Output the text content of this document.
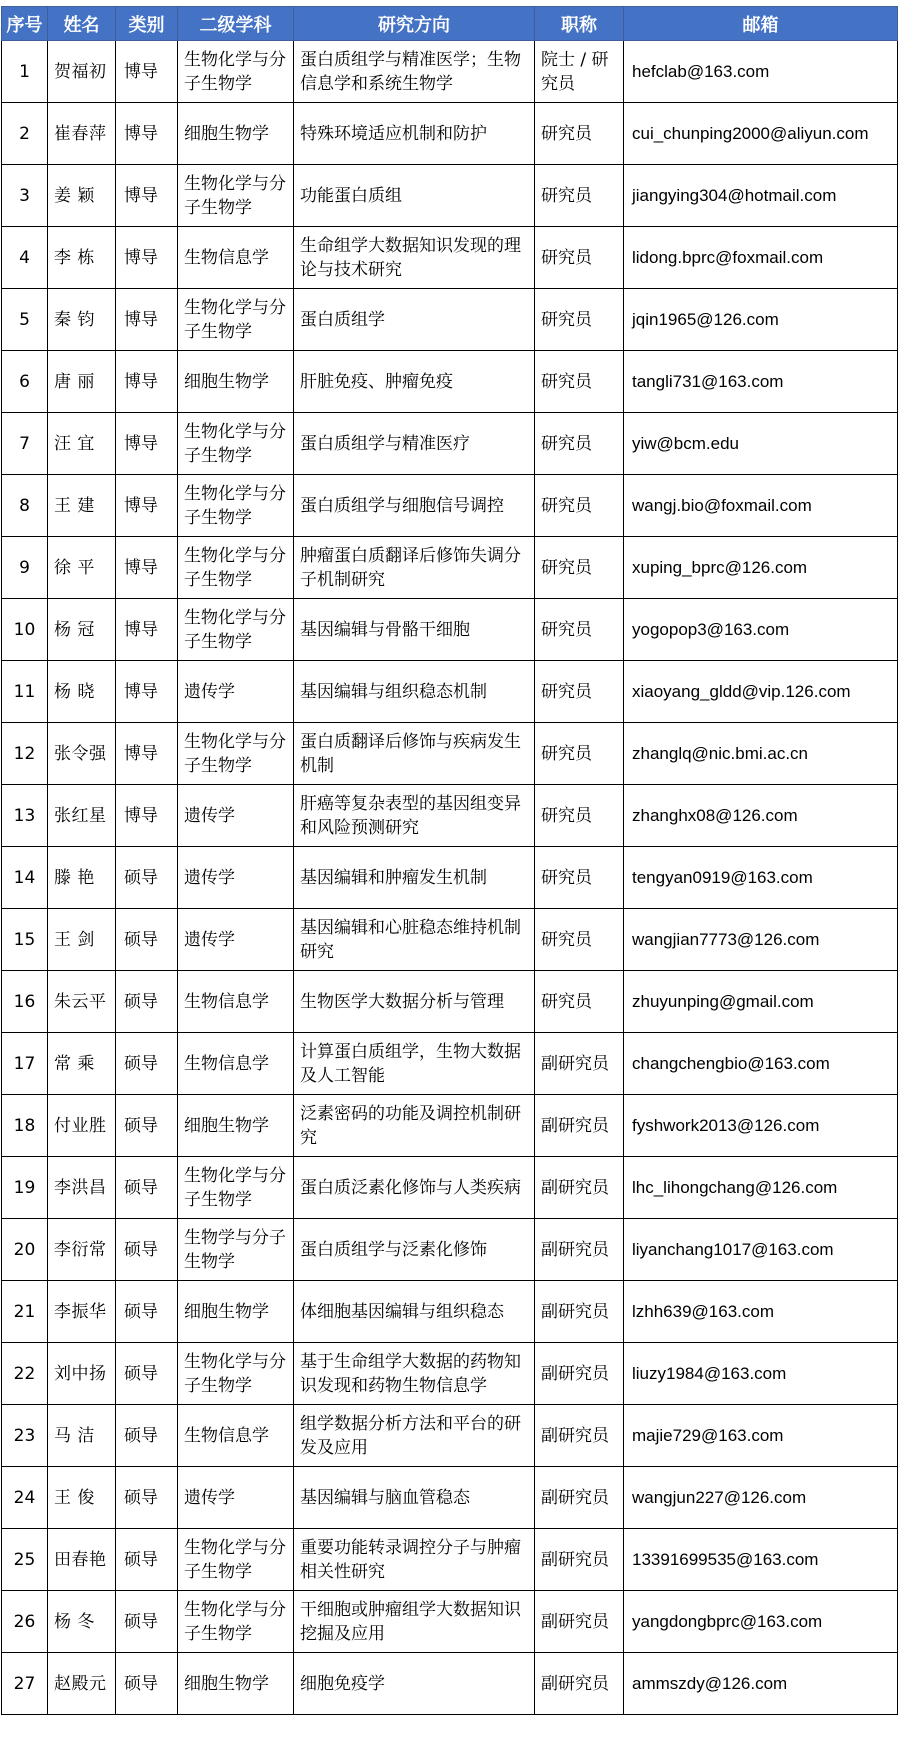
序号	姓名	类别	二级学科	研究方向	职称	邮箱
1	贺福初	博导	生物化学与分子生物学	蛋白质组学与精准医学；生物信息学和系统生物学	院士 / 研究员	hefclab@163.com
2	崔春萍	博导	细胞生物学	特殊环境适应机制和防护	研究员	cui_chunping2000@aliyun.com
3	姜 颖	博导	生物化学与分子生物学	功能蛋白质组	研究员	jiangying304@hotmail.com
4	李 栋	博导	生物信息学	生命组学大数据知识发现的理论与技术研究	研究员	lidong.bprc@foxmail.com
5	秦 钧	博导	生物化学与分子生物学	蛋白质组学	研究员	jqin1965@126.com
6	唐 丽	博导	细胞生物学	肝脏免疫、肿瘤免疫	研究员	tangli731@163.com
7	汪 宜	博导	生物化学与分子生物学	蛋白质组学与精准医疗	研究员	yiw@bcm.edu
8	王 建	博导	生物化学与分子生物学	蛋白质组学与细胞信号调控	研究员	wangj.bio@foxmail.com
9	徐 平	博导	生物化学与分子生物学	肿瘤蛋白质翻译后修饰失调分子机制研究	研究员	xuping_bprc@126.com
10	杨 冠	博导	生物化学与分子生物学	基因编辑与骨骼干细胞	研究员	yogopop3@163.com
11	杨 晓	博导	遗传学	基因编辑与组织稳态机制	研究员	xiaoyang_gldd@vip.126.com
12	张令强	博导	生物化学与分子生物学	蛋白质翻译后修饰与疾病发生机制	研究员	zhanglq@nic.bmi.ac.cn
13	张红星	博导	遗传学	肝癌等复杂表型的基因组变异和风险预测研究	研究员	zhanghx08@126.com
14	滕 艳	硕导	遗传学	基因编辑和肿瘤发生机制	研究员	tengyan0919@163.com
15	王 剑	硕导	遗传学	基因编辑和心脏稳态维持机制研究	研究员	wangjian7773@126.com
16	朱云平	硕导	生物信息学	生物医学大数据分析与管理	研究员	zhuyunping@gmail.com
17	常 乘	硕导	生物信息学	计算蛋白质组学，生物大数据及人工智能	副研究员	changchengbio@163.com
18	付业胜	硕导	细胞生物学	泛素密码的功能及调控机制研究	副研究员	fyshwork2013@126.com
19	李洪昌	硕导	生物化学与分子生物学	蛋白质泛素化修饰与人类疾病	副研究员	lhc_lihongchang@126.com
20	李衍常	硕导	生物学与分子生物学	蛋白质组学与泛素化修饰	副研究员	liyanchang1017@163.com
21	李振华	硕导	细胞生物学	体细胞基因编辑与组织稳态	副研究员	lzhh639@163.com
22	刘中扬	硕导	生物化学与分子生物学	基于生命组学大数据的药物知识发现和药物生物信息学	副研究员	liuzy1984@163.com
23	马 洁	硕导	生物信息学	组学数据分析方法和平台的研发及应用	副研究员	majie729@163.com
24	王 俊	硕导	遗传学	基因编辑与脑血管稳态	副研究员	wangjun227@126.com
25	田春艳	硕导	生物化学与分子生物学	重要功能转录调控分子与肿瘤相关性研究	副研究员	13391699535@163.com
26	杨 冬	硕导	生物化学与分子生物学	干细胞或肿瘤组学大数据知识挖掘及应用	副研究员	yangdongbprc@163.com
27	赵殿元	硕导	细胞生物学	细胞免疫学	副研究员	ammszdy@126.com
